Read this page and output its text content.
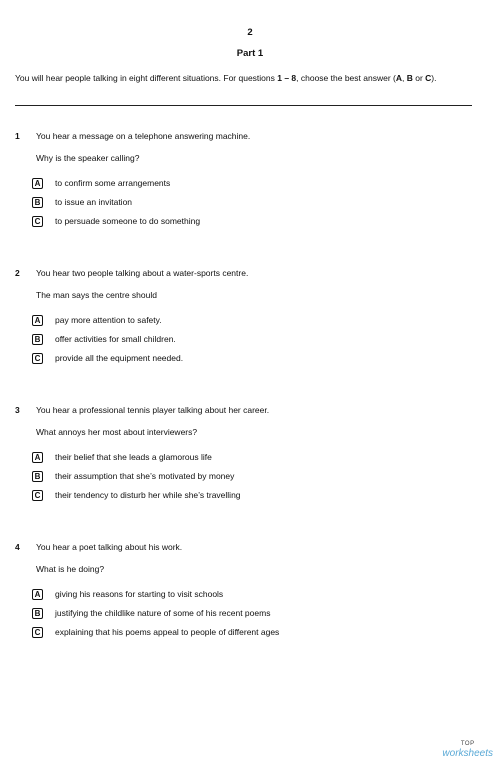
2
Part 1
You will hear people talking in eight different situations. For questions 1 – 8, choose the best answer (A, B or C).
1 You hear a message on a telephone answering machine.
Why is the speaker calling?
A	to confirm some arrangements
B	to issue an invitation
C	to persuade someone to do something
2 You hear two people talking about a water-sports centre.
The man says the centre should
A	pay more attention to safety.
B	offer activities for small children.
C	provide all the equipment needed.
3 You hear a professional tennis player talking about her career.
What annoys her most about interviewers?
A	their belief that she leads a glamorous life
B	their assumption that she’s motivated by money
C	their tendency to disturb her while she’s travelling
4 You hear a poet talking about his work.
What is he doing?
A	giving his reasons for starting to visit schools
B	justifying the childlike nature of some of his recent poems
C	explaining that his poems appeal to people of different ages
TOP
worksheets
